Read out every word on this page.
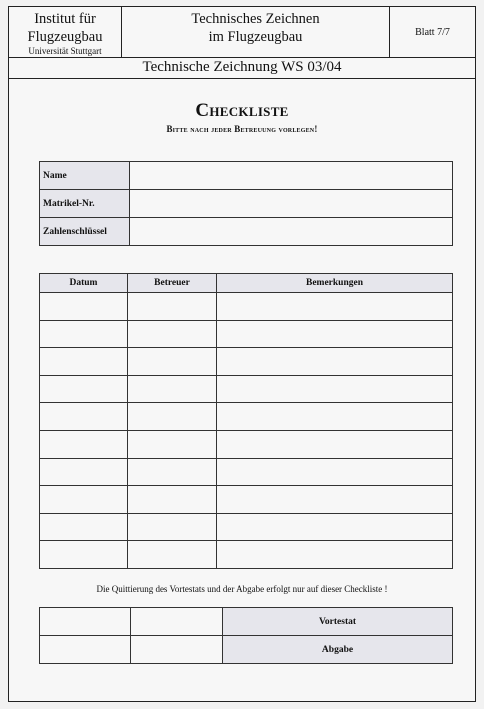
Institut für
Flugzeugbau
Universität Stuttgart
Technisches Zeichnen
im Flugzeugbau	Blatt 7/7
Technische Zeichnung WS 03/04
Checkliste
Bitte nach jeder Betreuung vorlegen!
Name	
Matrikel-Nr.	
Zahlenschlüssel	
Datum	Betreuer	Bemerkungen

Die Quittierung des Vortestats und der Abgabe erfolgt nur auf dieser Checkliste !
		Vortestat
		Abgabe
